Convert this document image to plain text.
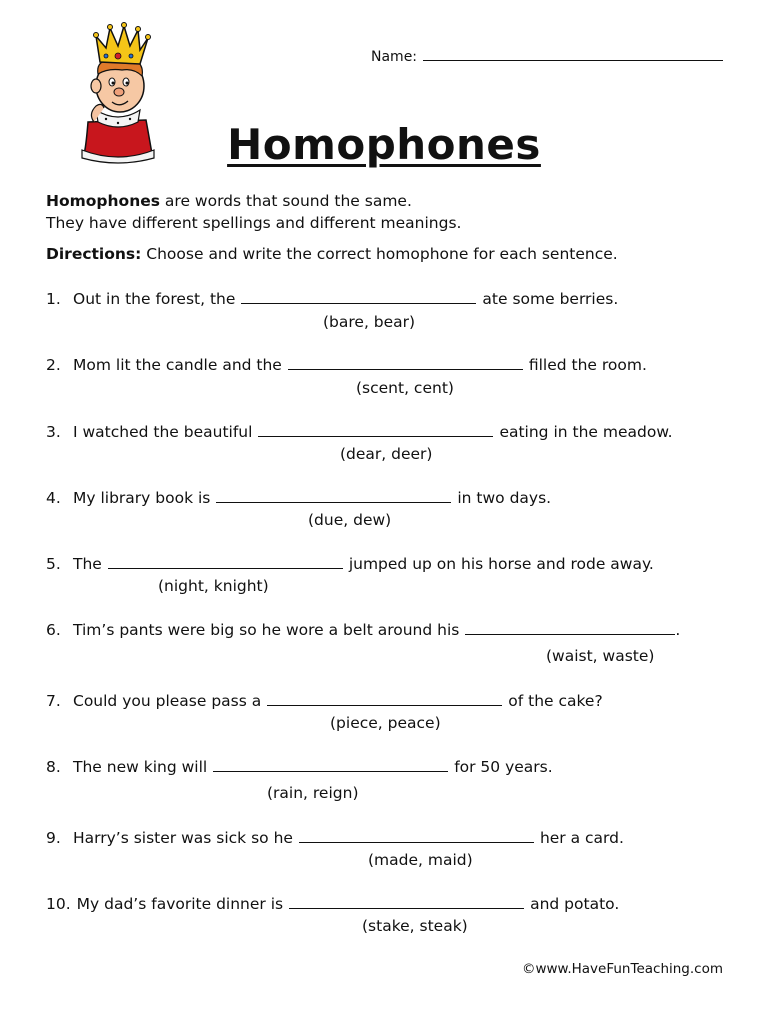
Name:
Homophones
Homophones are words that sound the same.
They have different spellings and different meanings.
Directions: Choose and write the correct homophone for each sentence.
1. Out in the forest, the	ate some berries.
(bare, bear)
2. Mom lit the candle and the	filled the room.
(scent, cent)
3. I watched the beautiful	eating in the meadow.
(dear, deer)
4. My library book is	in two days.
(due, dew)
5. The	jumped up on his horse and rode away.
(night, knight)
6. Tim’s pants were big so he wore a belt around his	.
(waist, waste)
7. Could you please pass a	of the cake?
(piece, peace)
8. The new king will	for 50 years.
(rain, reign)
9. Harry’s sister was sick so he	her a card.
(made, maid)
10. My dad’s favorite dinner is	and potato.
(stake, steak)
©www.HaveFunTeaching.com
